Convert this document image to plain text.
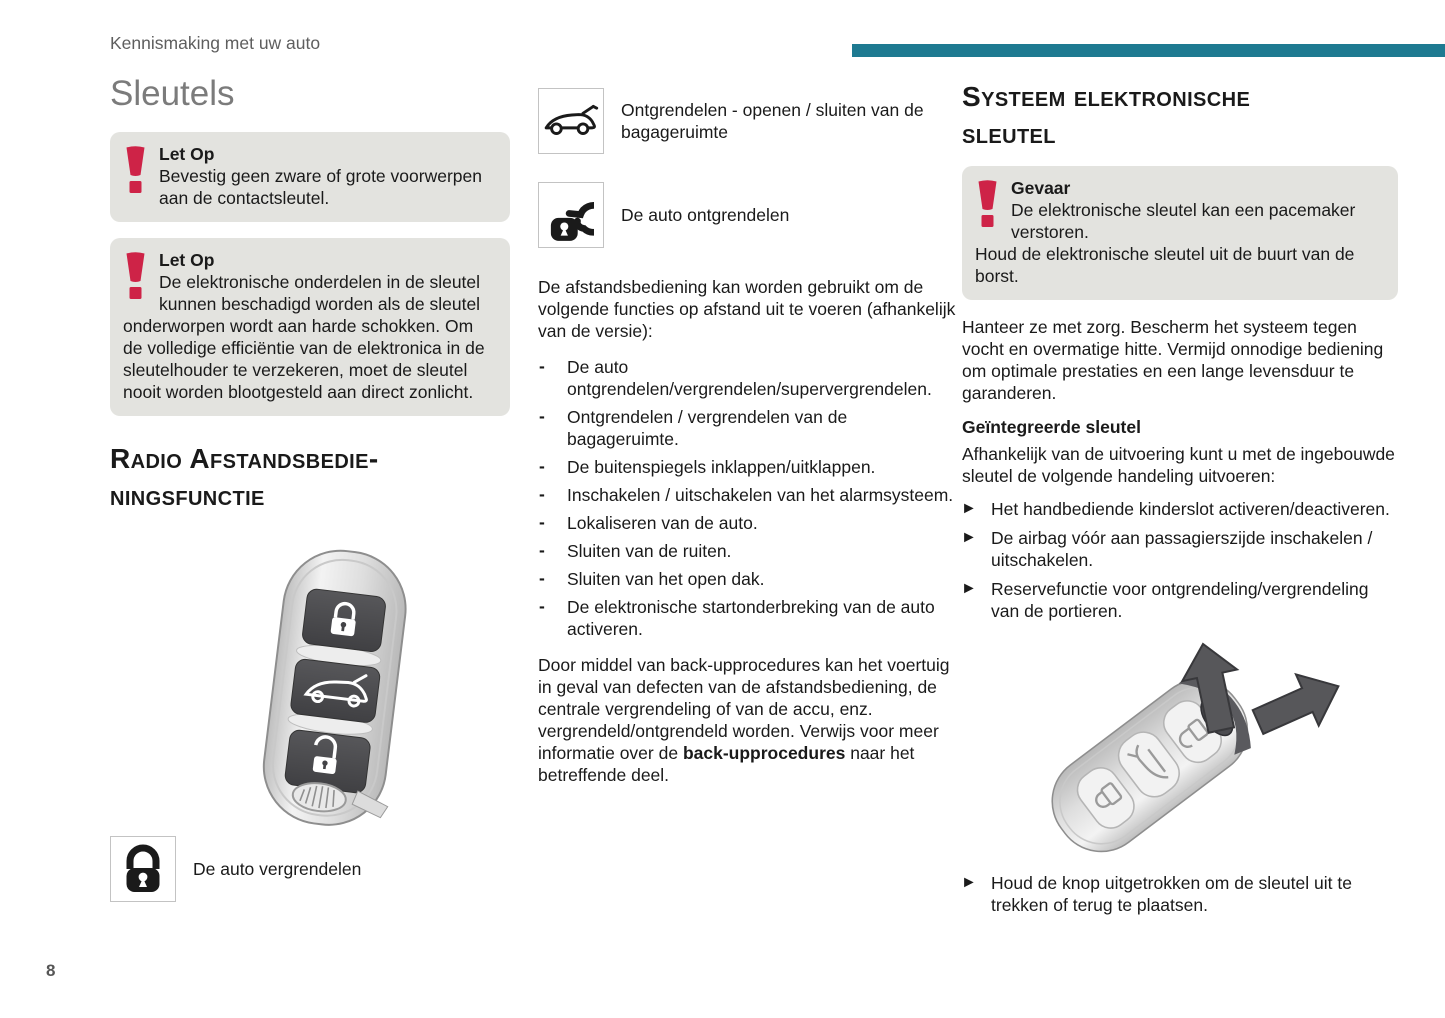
Kennismaking met uw auto
Sleutels
Let Op
Bevestig geen zware of grote voorwerpen aan de contactsleutel.
Let Op
De elektronische onderdelen in de sleutel kunnen beschadigd worden als de sleutel onderworpen wordt aan harde schokken. Om de volledige efficiëntie van de elektronica in de sleutelhouder te verzekeren, moet de sleutel nooit worden blootgesteld aan direct zonlicht.
Radio Afstandsbedie-
ningsfunctie
De auto vergrendelen
Ontgrendelen - openen / sluiten van de bagageruimte
De auto ontgrendelen

De afstandsbediening kan worden gebruikt om de volgende functies op afstand uit te voeren (afhankelijk van de versie):

- De auto ontgrendelen/vergrendelen/supervergrendelen.
- Ontgrendelen / vergrendelen van de bagageruimte.
- De buitenspiegels inklappen/uitklappen.
- Inschakelen / uitschakelen van het alarmsysteem.
- Lokaliseren van de auto.
- Sluiten van de ruiten.
- Sluiten van het open dak.
- De elektronische startonderbreking van de auto activeren.

Door middel van back-upprocedures kan het voertuig in geval van defecten van de afstandsbediening, de centrale vergrendeling of van de accu, enz. vergrendeld/ontgrendeld worden. Verwijs voor meer informatie over de back-upprocedures naar het betreffende deel.

Systeem elektronische
sleutel
Gevaar
De elektronische sleutel kan een pacemaker verstoren.
Houd de elektronische sleutel uit de buurt van de borst.

Hanteer ze met zorg. Bescherm het systeem tegen vocht en overmatige hitte. Vermijd onnodige bediening om optimale prestaties en een lange levensduur te garanderen.

Geïntegreerde sleutel

Afhankelijk van de uitvoering kunt u met de ingebouwde sleutel de volgende handeling uitvoeren:

► Het handbediende kinderslot activeren/deactiveren.
► De airbag vóór aan passagierszijde inschakelen / uitschakelen.
► Reservefunctie voor ontgrendeling/vergrendeling van de portieren.
► Houd de knop uitgetrokken om de sleutel uit te trekken of terug te plaatsen.
8
